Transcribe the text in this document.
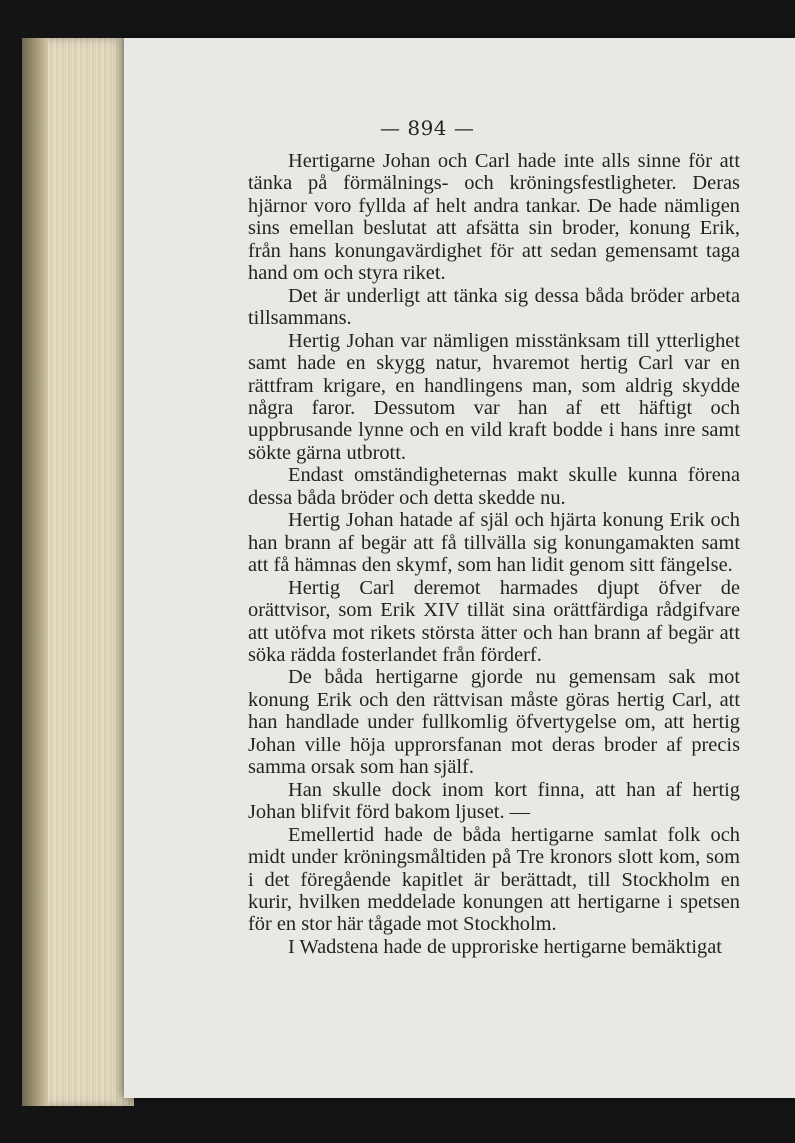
— 894 —

Hertigarne Johan och Carl hade inte alls sinne för att tänka på förmälnings- och kröningsfestligheter. Deras hjärnor voro fyllda af helt andra tankar. De hade nämligen sins emellan beslutat att afsätta sin broder, konung Erik, från hans konungavärdighet för att sedan gemensamt taga hand om och styra riket.

Det är underligt att tänka sig dessa båda bröder arbeta tillsammans.

Hertig Johan var nämligen misstänksam till ytterlighet samt hade en skygg natur, hvaremot hertig Carl var en rättfram krigare, en handlingens man, som aldrig skydde några faror. Dessutom var han af ett häftigt och uppbrusande lynne och en vild kraft bodde i hans inre samt sökte gärna utbrott.

Endast omständigheternas makt skulle kunna förena dessa båda bröder och detta skedde nu.

Hertig Johan hatade af själ och hjärta konung Erik och han brann af begär att få tillvälla sig konungamakten samt att få hämnas den skymf, som han lidit genom sitt fängelse.

Hertig Carl deremot harmades djupt öfver de orättvisor, som Erik XIV tillät sina orättfärdiga rådgifvare att utöfva mot rikets största ätter och han brann af begär att söka rädda fosterlandet från förderf.

De båda hertigarne gjorde nu gemensam sak mot konung Erik och den rättvisan måste göras hertig Carl, att han handlade under fullkomlig öfvertygelse om, att hertig Johan ville höja upprorsfanan mot deras broder af precis samma orsak som han själf.

Han skulle dock inom kort finna, att han af hertig Johan blifvit förd bakom ljuset. —

Emellertid hade de båda hertigarne samlat folk och midt under kröningsmåltiden på Tre kronors slott kom, som i det föregående kapitlet är berättadt, till Stockholm en kurir, hvilken meddelade konungen att hertigarne i spetsen för en stor här tågade mot Stockholm.

I Wadstena hade de upproriske hertigarne bemäktigat
